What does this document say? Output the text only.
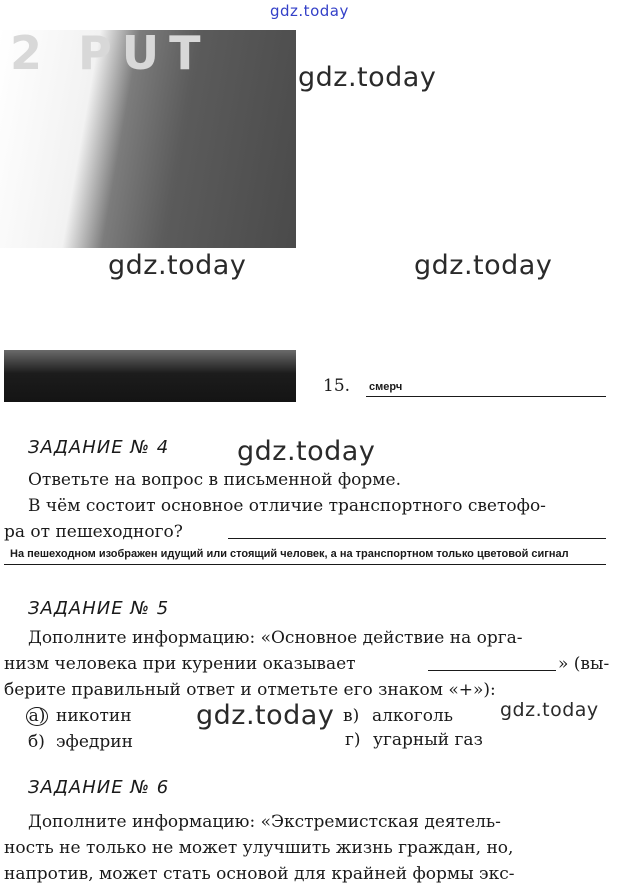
gdz.today
2 PUT	gdz.today
gdz.today	gdz.today
15. смерч
ЗАДАНИЕ № 4	gdz.today
Ответьте на вопрос в письменной форме.
В чём состоит основное отличие транспортного светофо-
ра от пешеходного?
На пешеходном изображен идущий или стоящий человек, а на транспортном только цветовой сигнал
ЗАДАНИЕ № 5
Дополните информацию: «Основное действие на орга-
низм человека при курении оказывает	» (вы-
берите правильный ответ и отметьте его знаком «+»):
а) никотин gdz.today в) алкоголь gdz.today
б) эфедрин	г) угарный газ
ЗАДАНИЕ № 6
Дополните информацию: «Экстремистская деятель-
ность не только не может улучшить жизнь граждан, но,
напротив, может стать основой для крайней формы экс-
